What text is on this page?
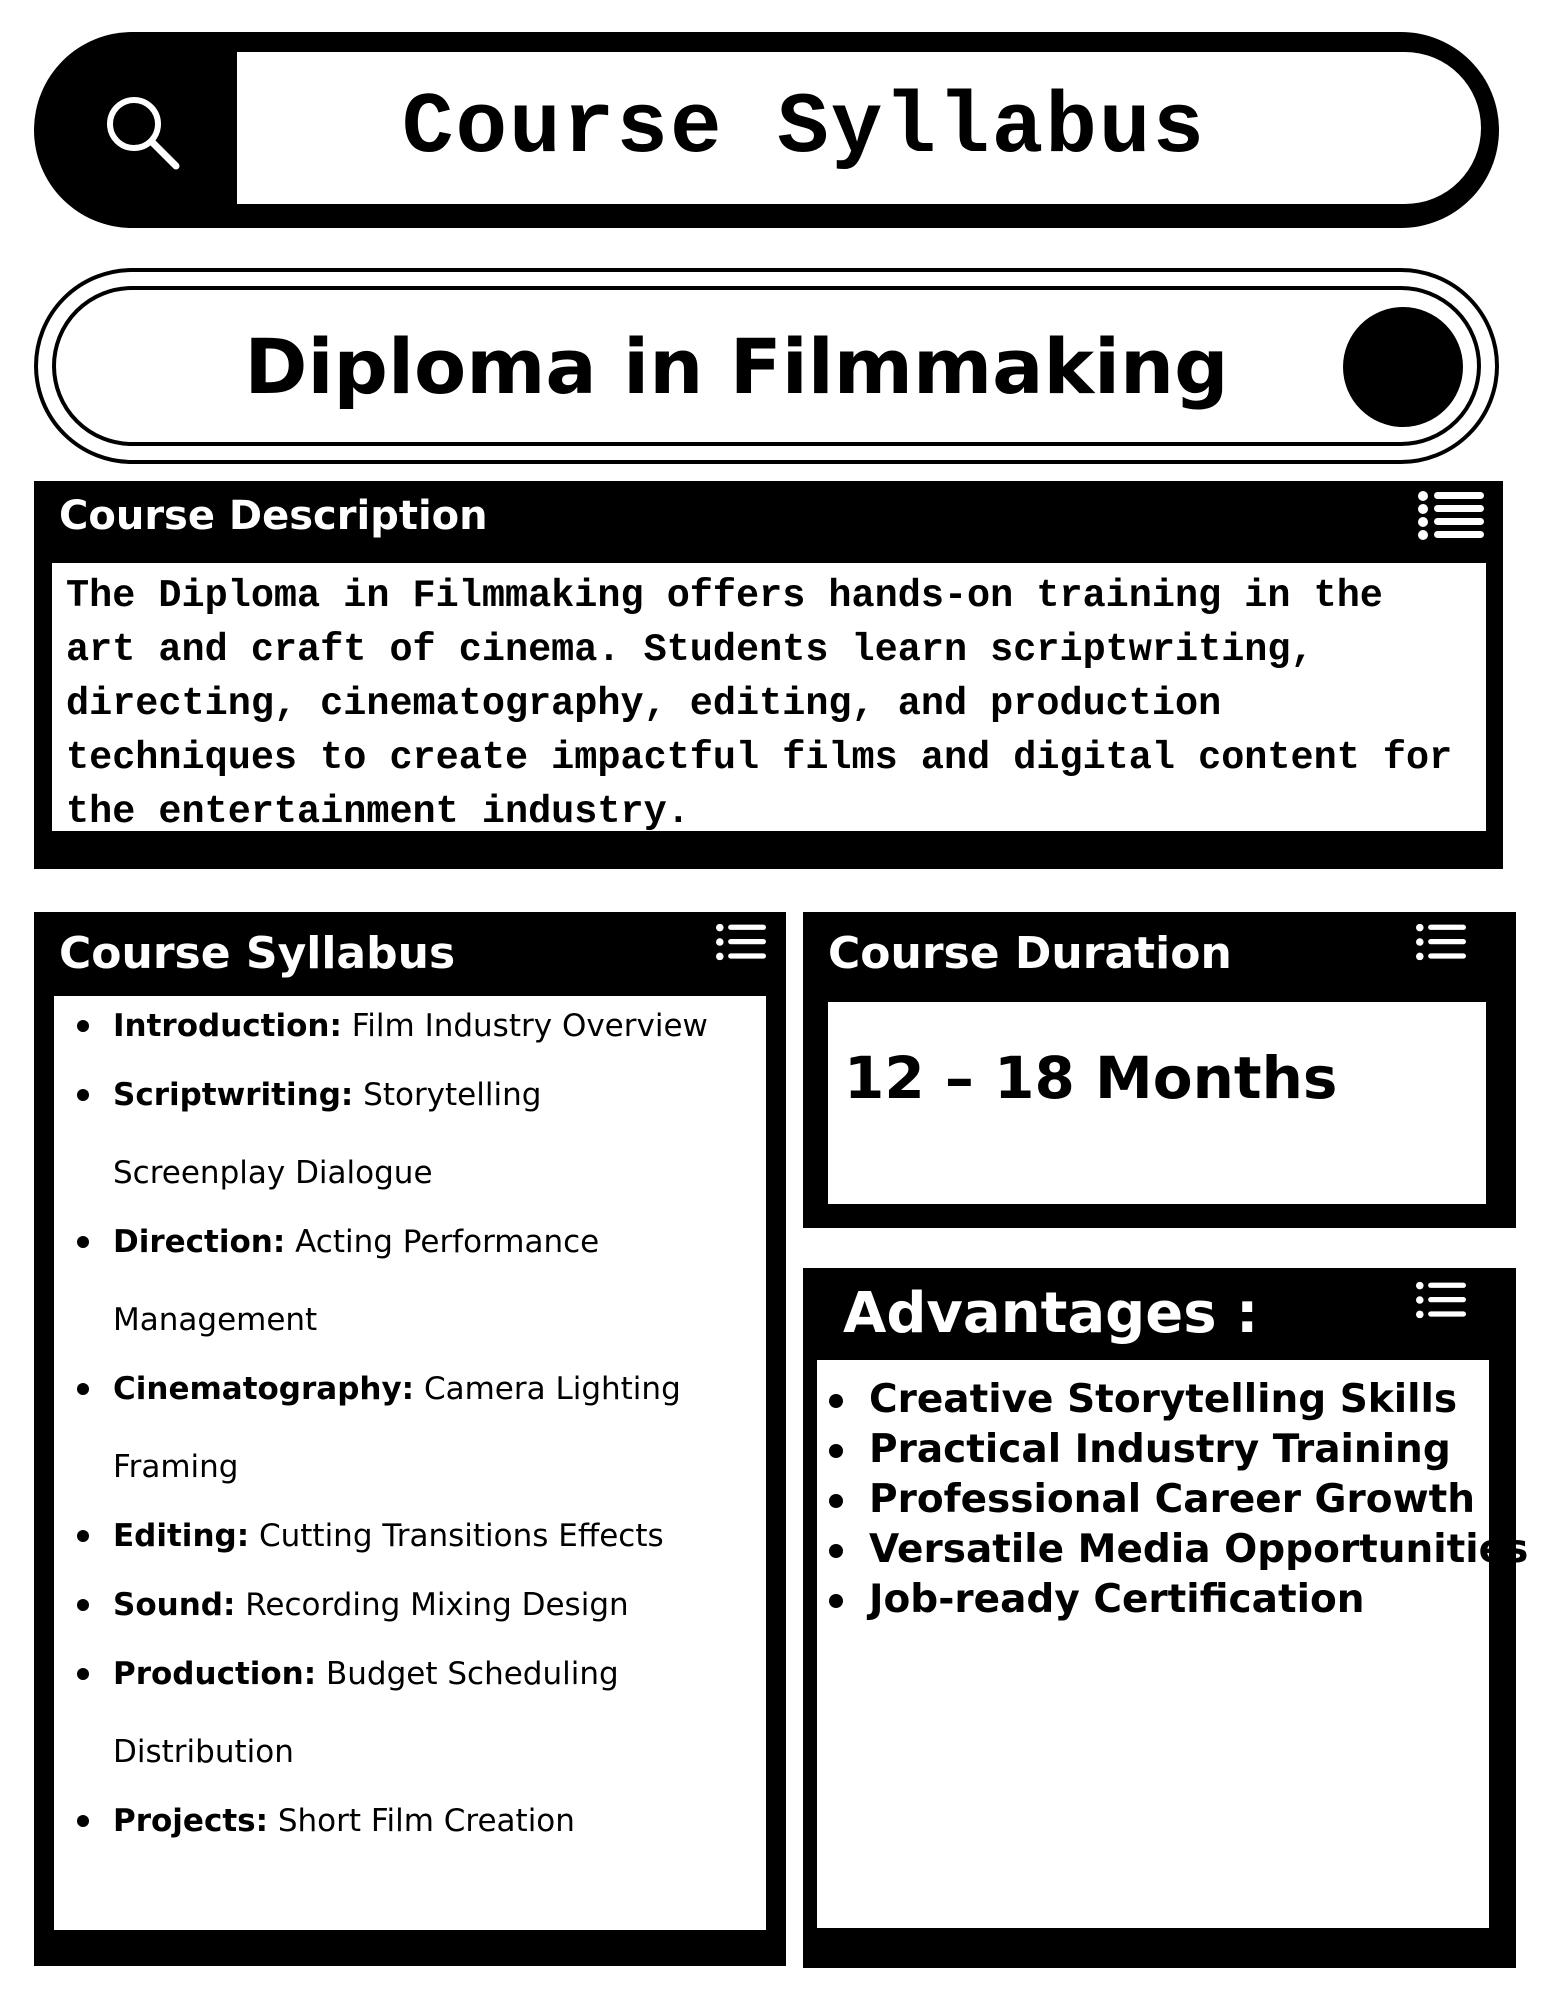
Course Syllabus
Diploma in Filmmaking
Course Description

The Diploma in Filmmaking offers hands-on training in the art and craft of cinema. Students learn scriptwriting, directing, cinematography, editing, and production techniques to create impactful films and digital content for the entertainment industry.

Course Syllabus
Introduction: Film Industry Overview
Scriptwriting: Storytelling Screenplay Dialogue
Direction: Acting Performance Management
Cinematography: Camera Lighting Framing
Editing: Cutting Transitions Effects
Sound: Recording Mixing Design
Production: Budget Scheduling Distribution
Projects: Short Film Creation
Course Duration
12 – 18 Months
Advantages :
Creative Storytelling Skills
Practical Industry Training
Professional Career Growth
Versatile Media Opportunities
Job-ready Certification
